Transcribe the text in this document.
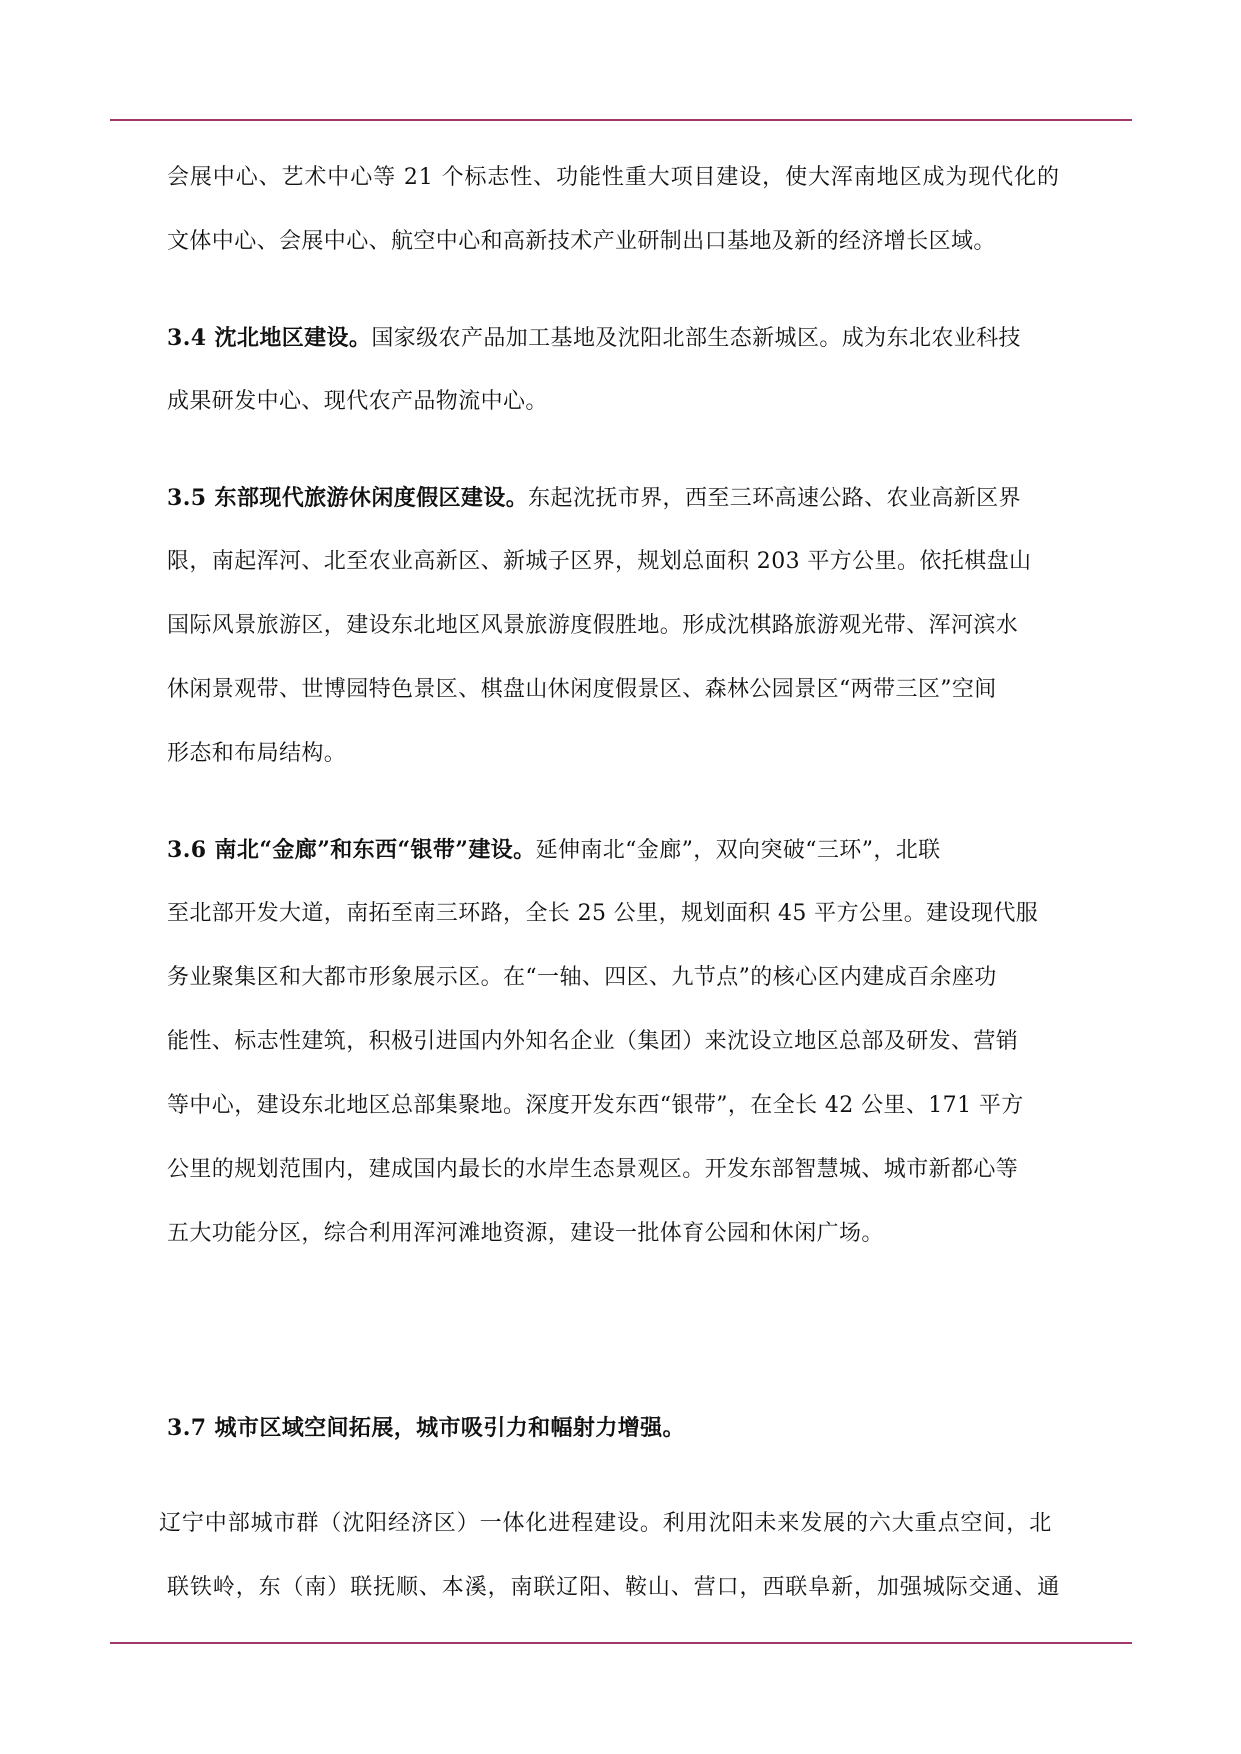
会展中心、艺术中心等 21 个标志性、功能性重大项目建设，使大浑南地区成为现代化的
文体中心、会展中心、航空中心和高新技术产业研制出口基地及新的经济增长区域。
3.4 沈北地区建设。国家级农产品加工基地及沈阳北部生态新城区。成为东北农业科技
成果研发中心、现代农产品物流中心。
3.5 东部现代旅游休闲度假区建设。东起沈抚市界，西至三环高速公路、农业高新区界
限，南起浑河、北至农业高新区、新城子区界，规划总面积 203 平方公里。依托棋盘山
国际风景旅游区，建设东北地区风景旅游度假胜地。形成沈棋路旅游观光带、浑河滨水
休闲景观带、世博园特色景区、棋盘山休闲度假景区、森林公园景区“两带三区”空间
形态和布局结构。
3.6 南北“金廊”和东西“银带”建设。延伸南北“金廊”，双向突破“三环”，北联
至北部开发大道，南拓至南三环路，全长 25 公里，规划面积 45 平方公里。建设现代服
务业聚集区和大都市形象展示区。在“一轴、四区、九节点”的核心区内建成百余座功
能性、标志性建筑，积极引进国内外知名企业（集团）来沈设立地区总部及研发、营销
等中心，建设东北地区总部集聚地。深度开发东西“银带”，在全长 42 公里、171 平方
公里的规划范围内，建成国内最长的水岸生态景观区。开发东部智慧城、城市新都心等
五大功能分区，综合利用浑河滩地资源，建设一批体育公园和休闲广场。
3.7 城市区域空间拓展，城市吸引力和幅射力增强。
辽宁中部城市群（沈阳经济区）一体化进程建设。利用沈阳未来发展的六大重点空间，北
联铁岭，东（南）联抚顺、本溪，南联辽阳、鞍山、营口，西联阜新，加强城际交通、通
